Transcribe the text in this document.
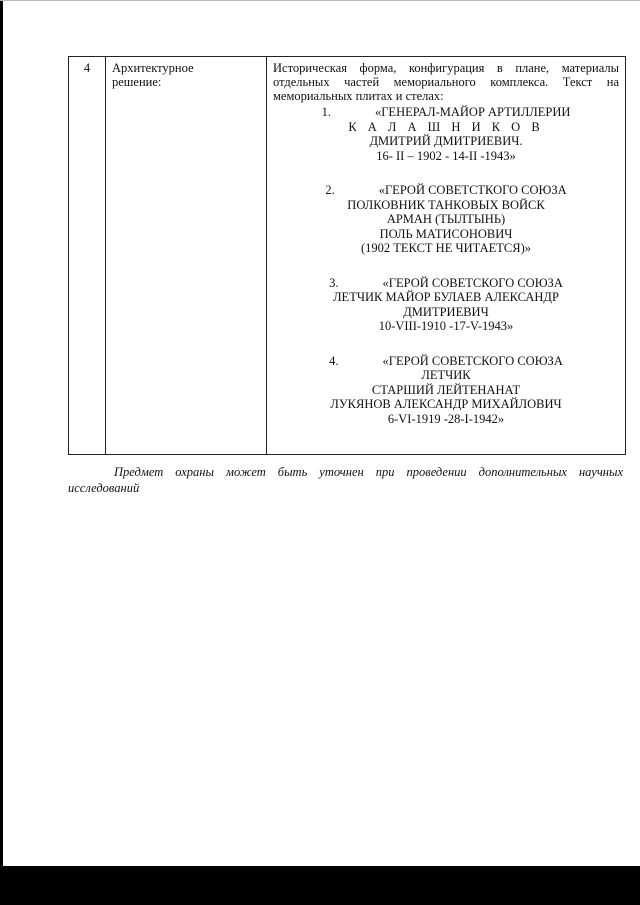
4	Архитектурное
решение:

Историческая форма, конфигурация в плане, материалы отдельных частей мемориального комплекса. Текст на мемориальных плитах и стелах:

1.	«ГЕНЕРАЛ-МАЙОР АРТИЛЛЕРИИ
К А Л А Ш Н И К О В
ДМИТРИЙ ДМИТРИЕВИЧ.
16- II – 1902 - 14-II -1943»
2.	«ГЕРОЙ СОВЕТСТКОГО СОЮЗА
ПОЛКОВНИК ТАНКОВЫХ ВОЙСК
АРМАН (ТЫЛТЫНЬ)
ПОЛЬ МАТИСОНОВИЧ
(1902 ТЕКСТ НЕ ЧИТАЕТСЯ)»
3.	«ГЕРОЙ СОВЕТСКОГО СОЮЗА
ЛЕТЧИК МАЙОР БУЛАЕВ АЛЕКСАНДР
ДМИТРИЕВИЧ
10-VIII-1910 -17-V-1943»
4.	«ГЕРОЙ СОВЕТСКОГО СОЮЗА
ЛЕТЧИК
СТАРШИЙ ЛЕЙТЕНАНАТ
ЛУКЯНОВ АЛЕКСАНДР МИХАЙЛОВИЧ
6-VI-1919 -28-I-1942»

Предмет охраны может быть уточнен при проведении дополнительных научных исследований
